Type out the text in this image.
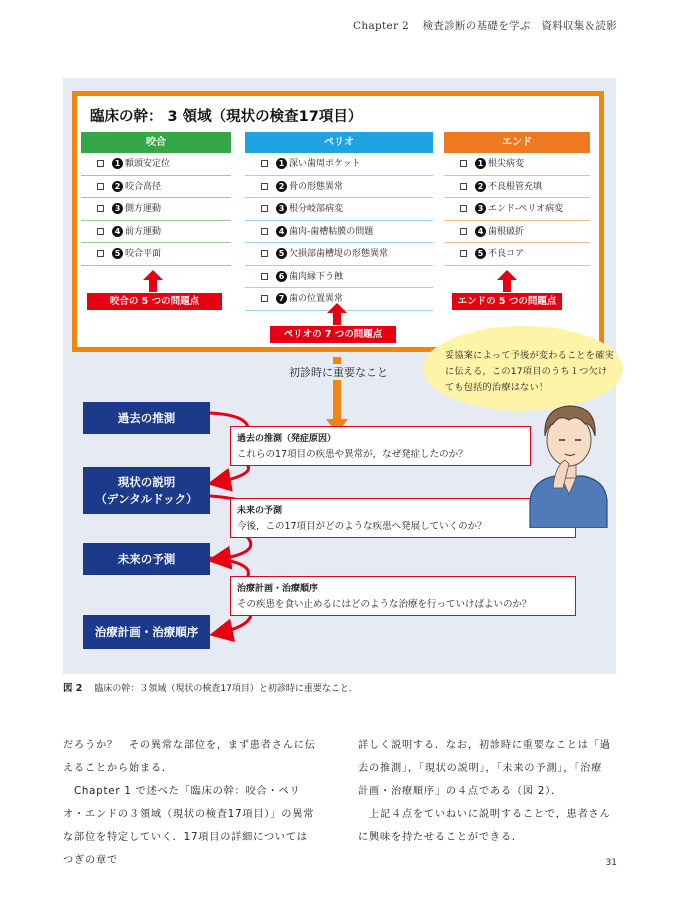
Chapter 2 検査診断の基礎を学ぶ　資料収集＆読影
臨床の幹： 3 領域（現状の検査17項目）
咬合
1 顆頭安定位
2 咬合高径
3 側方運動
4 前方運動
5 咬合平面
ペリオ
1 深い歯周ポケット
2 骨の形態異常
3 根分岐部病変
4 歯肉-歯槽粘膜の問題
5 欠損部歯槽堤の形態異常
6 歯肉縁下う蝕
7 歯の位置異常
エンド
1 根尖病変
2 不良根管充填
3 エンド-ペリオ病変
4 歯根破折
5 不良コア
咬合の 5 つの問題点
ペリオの 7 つの問題点
エンドの 5 つの問題点
初診時に重要なこと
過去の推測
現状の説明
（デンタルドック）
未来の予測
治療計画・治療順序
過去の推測（発症原因）
これらの17項目の疾患や異常が，なぜ発症したのか？
未来の予測
今後，この17項目がどのような疾患へ発展していくのか？
治療計画・治療順序
その疾患を食い止めるにはどのような治療を行っていけばよいのか？
妥協案によって予後が変わることを確実に伝える，この17項目のうち１つ欠けても包括的治療はない！
図 2 臨床の幹：３領域（現状の検査17項目）と初診時に重要なこと．
だろうか？　その異常な部位を，まず患者さんに伝えることから始まる．
　Chapter 1 で述べた「臨床の幹：咬合・ペリオ・エンドの３領域（現状の検査17項目）」の異常な部位を特定していく．17項目の詳細についてはつぎの章で
詳しく説明する．なお，初診時に重要なことは「過去の推測」，「現状の説明」，「未来の予測」，「治療計画・治療順序」の４点である（図 2）．
　上記４点をていねいに説明することで，患者さんに興味を持たせることができる．
31
